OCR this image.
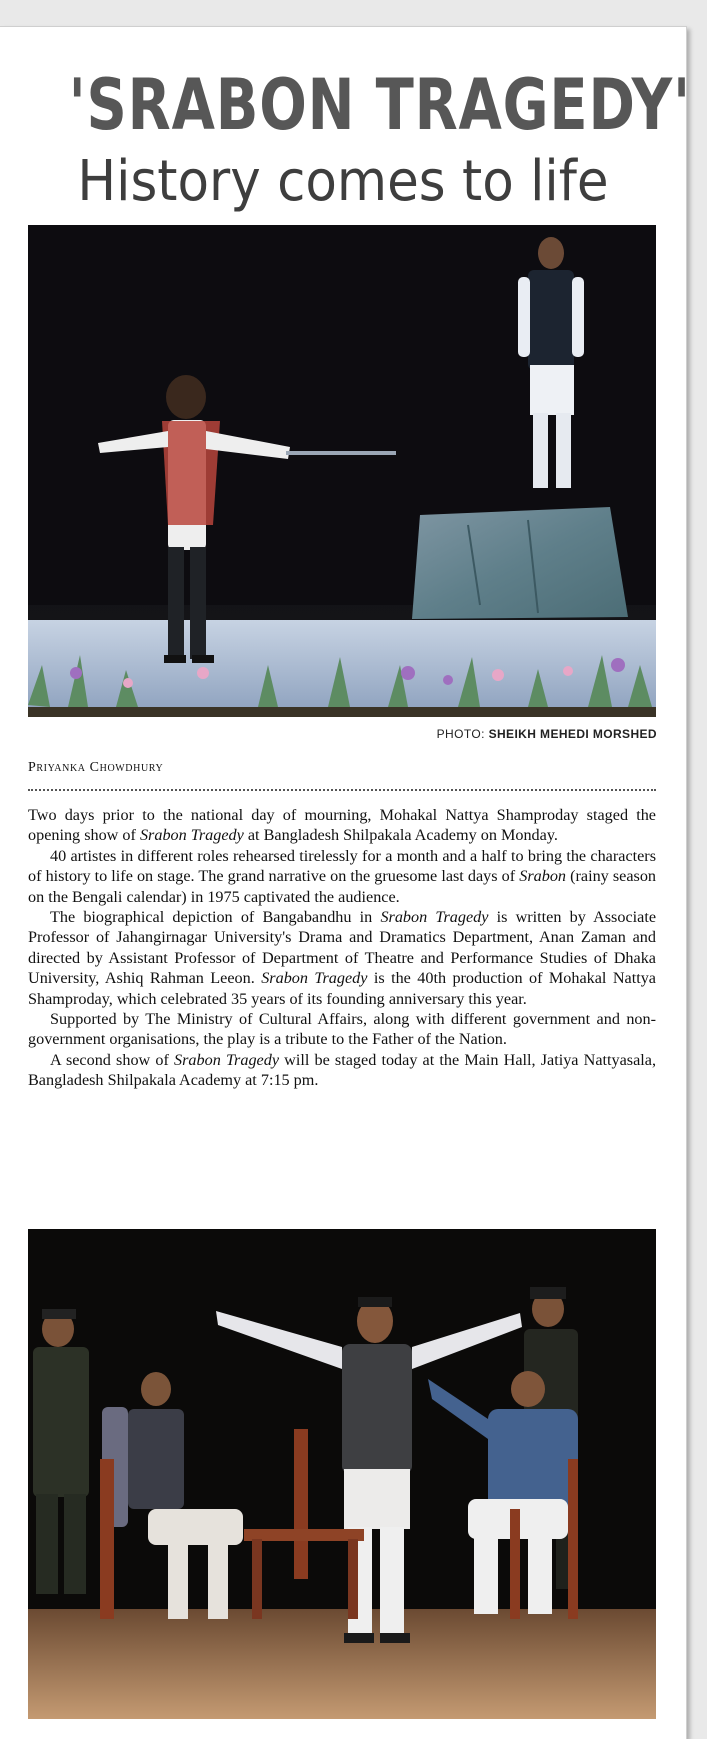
'SRABON TRAGEDY'
History comes to life
PHOTO: SHEIKH MEHEDI MORSHED
Priyanka Chowdhury

Two days prior to the national day of mourning, Mohakal Nattya Shamproday staged the opening show of Srabon Tragedy at Bangladesh Shilpakala Academy on Monday.

40 artistes in different roles rehearsed tirelessly for a month and a half to bring the characters of history to life on stage. The grand narrative on the gruesome last days of Srabon (rainy season on the Bengali calendar) in 1975 captivated the audience.

The biographical depiction of Bangabandhu in Srabon Tragedy is written by Associate Professor of Jahangirnagar University's Drama and Dramatics Department, Anan Zaman and directed by Assistant Professor of Department of Theatre and Performance Studies of Dhaka University, Ashiq Rahman Leeon. Srabon Tragedy is the 40th production of Mohakal Nattya Shamproday, which celebrated 35 years of its founding anniversary this year.

Supported by The Ministry of Cultural Affairs, along with different government and non-government organisations, the play is a tribute to the Father of the Nation.

A second show of Srabon Tragedy will be staged today at the Main Hall, Jatiya Nattyasala, Bangladesh Shilpakala Academy at 7:15 pm.
